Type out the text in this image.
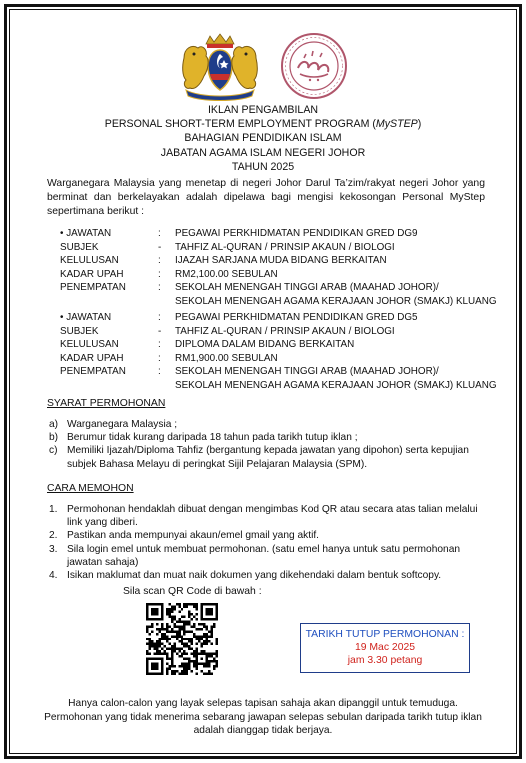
IKLAN PENGAMBILAN
PERSONAL SHORT-TERM EMPLOYMENT PROGRAM (MySTEP)
BAHAGIAN PENDIDIKAN ISLAM
JABATAN AGAMA ISLAM NEGERI JOHOR
TAHUN 2025
Warganegara Malaysia yang menetap di negeri Johor Darul Ta’zim/rakyat negeri Johor yang berminat dan berkelayakan adalah dipelawa bagi mengisi kekosongan Personal MyStep sepertimana berikut :
• JAWATAN	: PEGAWAI PERKHIDMATAN PENDIDIKAN GRED DG9
SUBJEK	- TAHFIZ AL-QURAN / PRINSIP AKAUN / BIOLOGI
KELULUSAN	: IJAZAH SARJANA MUDA BIDANG BERKAITAN
KADAR UPAH	: RM2,100.00 SEBULAN
PENEMPATAN	: SEKOLAH MENENGAH TINGGI ARAB (MAAHAD JOHOR)/
SEKOLAH MENENGAH AGAMA KERAJAAN JOHOR (SMAKJ) KLUANG
• JAWATAN	: PEGAWAI PERKHIDMATAN PENDIDIKAN GRED DG5
SUBJEK	- TAHFIZ AL-QURAN / PRINSIP AKAUN / BIOLOGI
KELULUSAN	: DIPLOMA DALAM BIDANG BERKAITAN
KADAR UPAH	: RM1,900.00 SEBULAN
PENEMPATAN	: SEKOLAH MENENGAH TINGGI ARAB (MAAHAD JOHOR)/
SEKOLAH MENENGAH AGAMA KERAJAAN JOHOR (SMAKJ) KLUANG
SYARAT PERMOHONAN
a) Warganegara Malaysia ;
b) Berumur tidak kurang daripada 18 tahun pada tarikh tutup iklan ;
c) Memiliki Ijazah/Diploma Tahfiz (bergantung kepada jawatan yang dipohon) serta kepujian subjek Bahasa Melayu di peringkat Sijil Pelajaran Malaysia (SPM).
CARA MEMOHON
1. Permohonan hendaklah dibuat dengan mengimbas Kod QR atau secara atas talian melalui link yang diberi.
2. Pastikan anda mempunyai akaun/emel gmail yang aktif.
3. Sila login emel untuk membuat permohonan. (satu emel hanya untuk satu permohonan jawatan sahaja)
4. Isikan maklumat dan muat naik dokumen yang dikehendaki dalam bentuk softcopy.
Sila scan QR Code di bawah :
TARIKH TUTUP PERMOHONAN :
19 Mac 2025
jam 3.30 petang
Hanya calon-calon yang layak selepas tapisan sahaja akan dipanggil untuk temuduga.
Permohonan yang tidak menerima sebarang jawapan selepas sebulan daripada tarikh tutup iklan adalah dianggap tidak berjaya.
